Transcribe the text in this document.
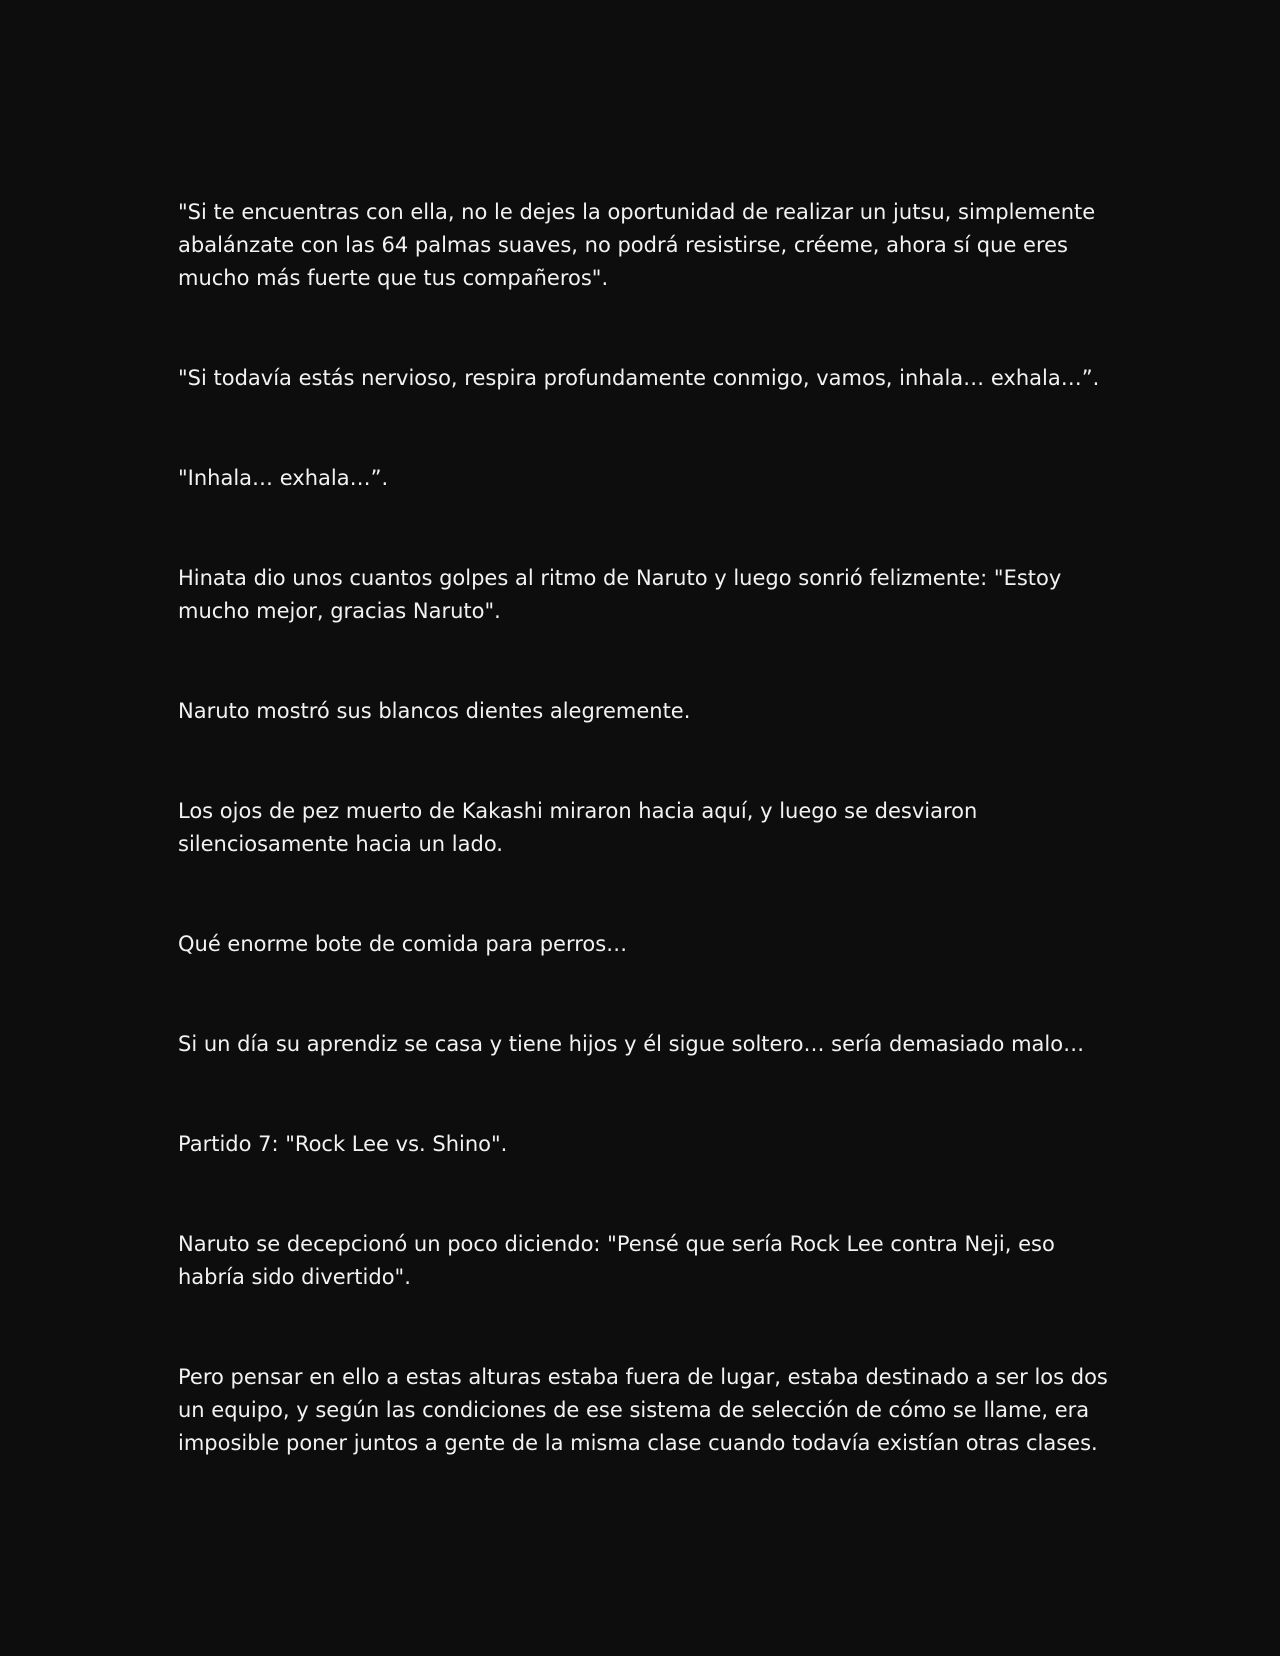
"Si te encuentras con ella, no le dejes la oportunidad de realizar un jutsu, simplemente abalánzate con las 64 palmas suaves, no podrá resistirse, créeme, ahora sí que eres mucho más fuerte que tus compañeros".

"Si todavía estás nervioso, respira profundamente conmigo, vamos, inhala… exhala…”.

"Inhala… exhala…”.

Hinata dio unos cuantos golpes al ritmo de Naruto y luego sonrió felizmente: "Estoy mucho mejor, gracias Naruto".

Naruto mostró sus blancos dientes alegremente.

Los ojos de pez muerto de Kakashi miraron hacia aquí, y luego se desviaron silenciosamente hacia un lado.

Qué enorme bote de comida para perros…

Si un día su aprendiz se casa y tiene hijos y él sigue soltero… sería demasiado malo…

Partido 7: "Rock Lee vs. Shino".

Naruto se decepcionó un poco diciendo: "Pensé que sería Rock Lee contra Neji, eso habría sido divertido".

Pero pensar en ello a estas alturas estaba fuera de lugar, estaba destinado a ser los dos un equipo, y según las condiciones de ese sistema de selección de cómo se llame, era imposible poner juntos a gente de la misma clase cuando todavía existían otras clases.
